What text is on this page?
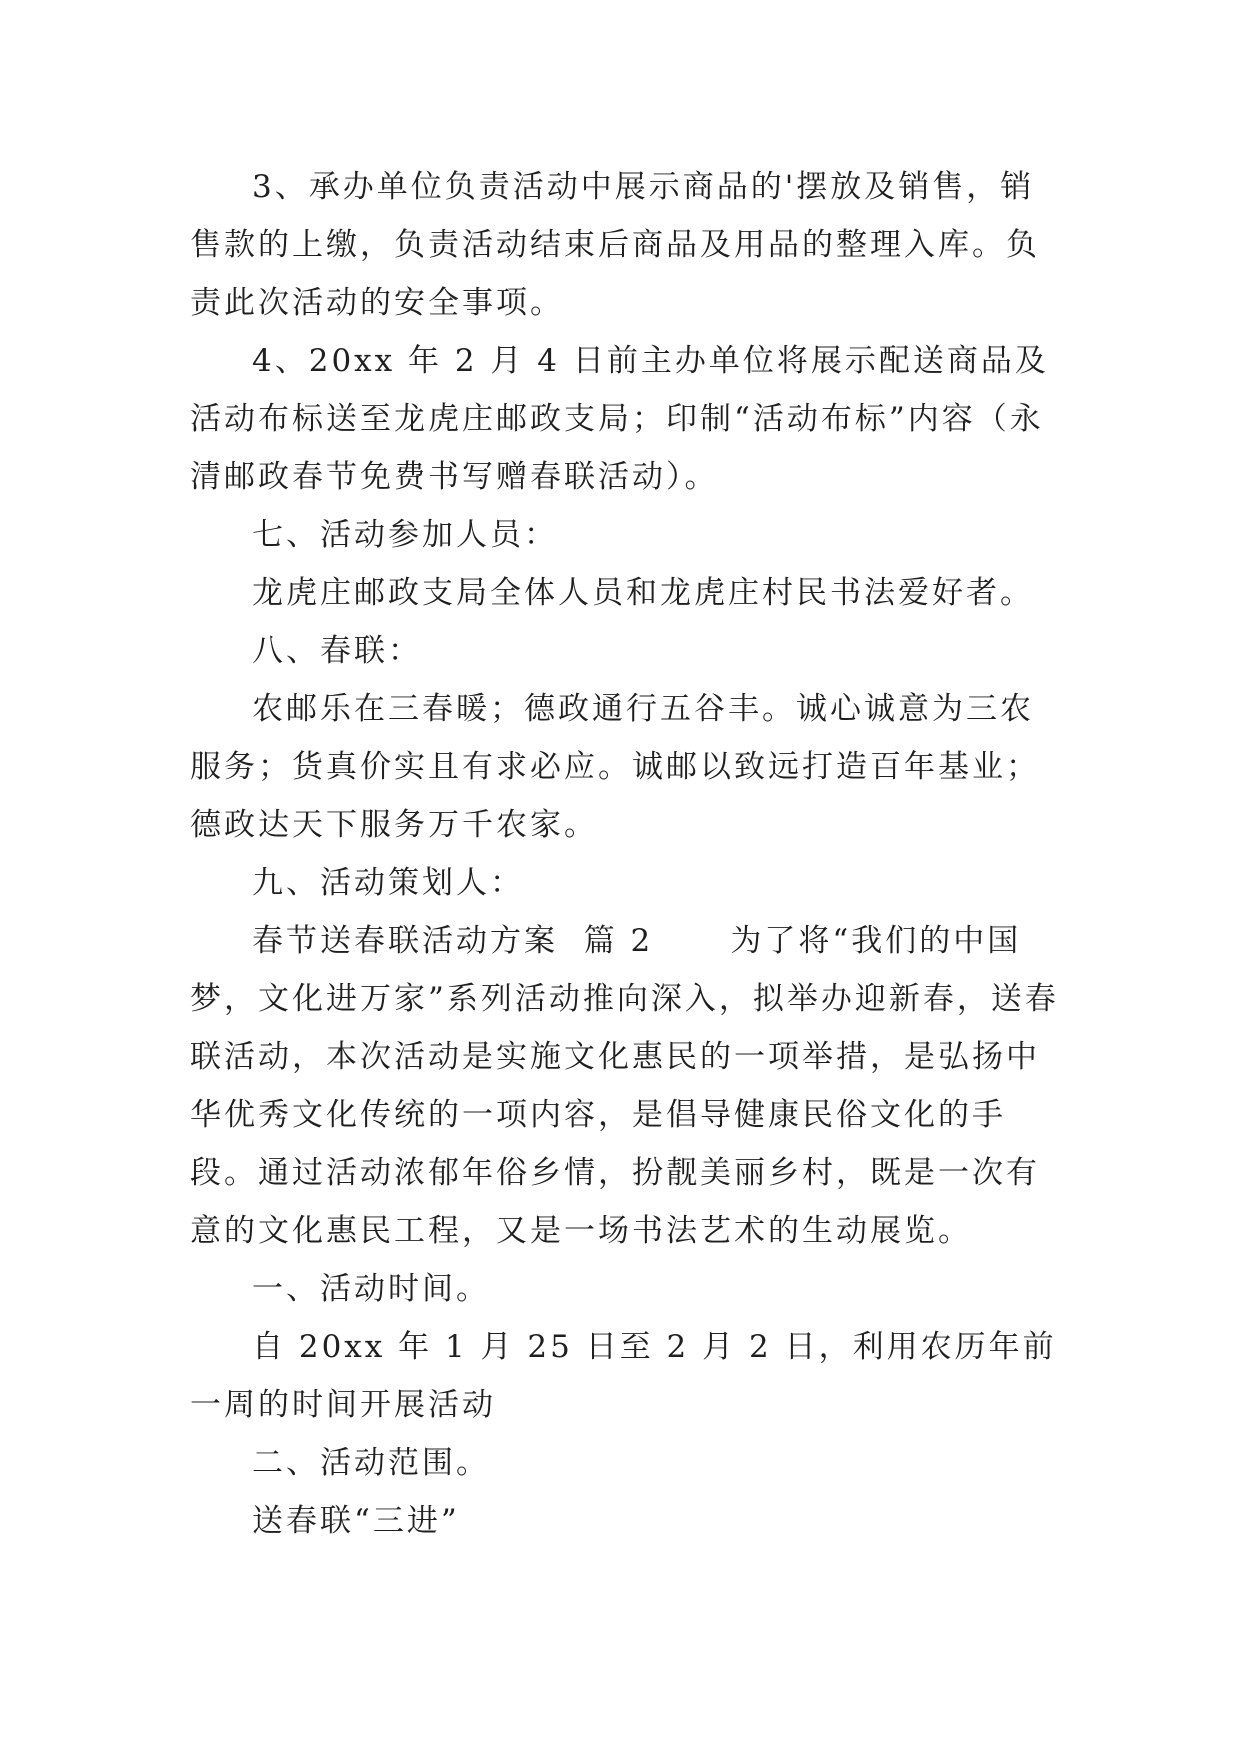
3、承办单位负责活动中展示商品的'摆放及销售，销售款的上缴，负责活动结束后商品及用品的整理入库。负责此次活动的安全事项。

4、20xx 年 2 月 4 日前主办单位将展示配送商品及活动布标送至龙虎庄邮政支局；印制“活动布标”内容（永清邮政春节免费书写赠春联活动）。

七、活动参加人员：

龙虎庄邮政支局全体人员和龙虎庄村民书法爱好者。

八、春联：

农邮乐在三春暖；德政通行五谷丰。诚心诚意为三农服务；货真价实且有求必应。诚邮以致远打造百年基业；德政达天下服务万千农家。

九、活动策划人：

春节送春联活动方案  篇 2      为了将“我们的中国梦，文化进万家”系列活动推向深入，拟举办迎新春，送春联活动，本次活动是实施文化惠民的一项举措，是弘扬中华优秀文化传统的一项内容，是倡导健康民俗文化的手段。通过活动浓郁年俗乡情，扮靓美丽乡村，既是一次有意的文化惠民工程，又是一场书法艺术的生动展览。

一、活动时间。

自 20xx 年 1 月 25 日至 2 月 2 日，利用农历年前一周的时间开展活动

二、活动范围。

送春联“三进”
